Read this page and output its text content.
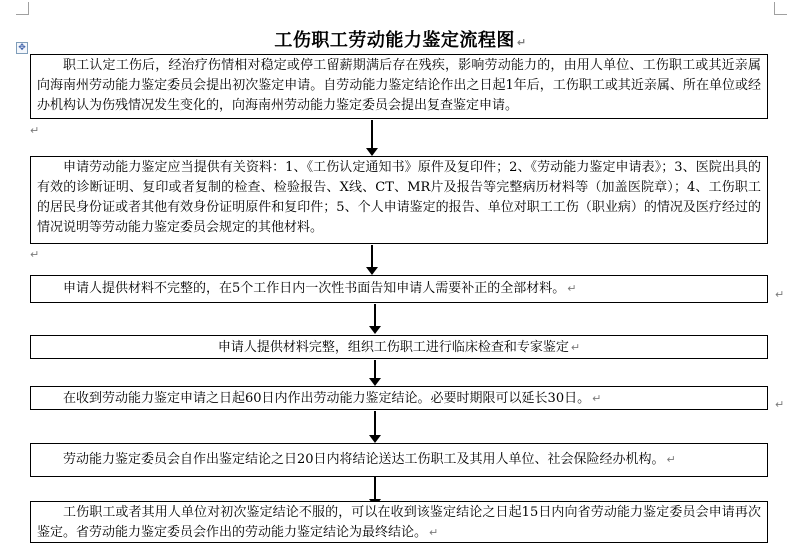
✥	工伤职工劳动能力鉴定流程图 ↵
职工认定工伤后，经治疗伤情相对稳定或停工留薪期满后存在残疾，影响劳动能力的，由用人单位、工伤职工或其近亲属向海南州劳动能力鉴定委员会提出初次鉴定申请。自劳动能力鉴定结论作出之日起1年后，工伤职工或其近亲属、所在单位或经办机构认为伤残情况发生变化的，向海南州劳动能力鉴定委员会提出复查鉴定申请。
↵
申请劳动能力鉴定应当提供有关资料：1、《工伤认定通知书》原件及复印件；2、《劳动能力鉴定申请表》；3、医院出具的有效的诊断证明、复印或者复制的检查、检验报告、X线、CT、MR片及报告等完整病历材料等（加盖医院章）；4、工伤职工的居民身份证或者其他有效身份证明原件和复印件；5、个人申请鉴定的报告、单位对职工工伤（职业病）的情况及医疗经过的情况说明等劳动能力鉴定委员会规定的其他材料。
↵
申请人提供材料不完整的，在5个工作日内一次性书面告知申请人需要补正的全部材料。 ↵	↵
申请人提供材料完整，组织工伤职工进行临床检查和专家鉴定 ↵
在收到劳动能力鉴定申请之日起60日内作出劳动能力鉴定结论。必要时期限可以延长30日。 ↵	↵
劳动能力鉴定委员会自作出鉴定结论之日20日内将结论送达工伤职工及其用人单位、社会保险经办机构。 ↵
工伤职工或者其用人单位对初次鉴定结论不服的，可以在收到该鉴定结论之日起15日内向省劳动能力鉴定委员会申请再次鉴定。省劳动能力鉴定委员会作出的劳动能力鉴定结论为最终结论。 ↵
